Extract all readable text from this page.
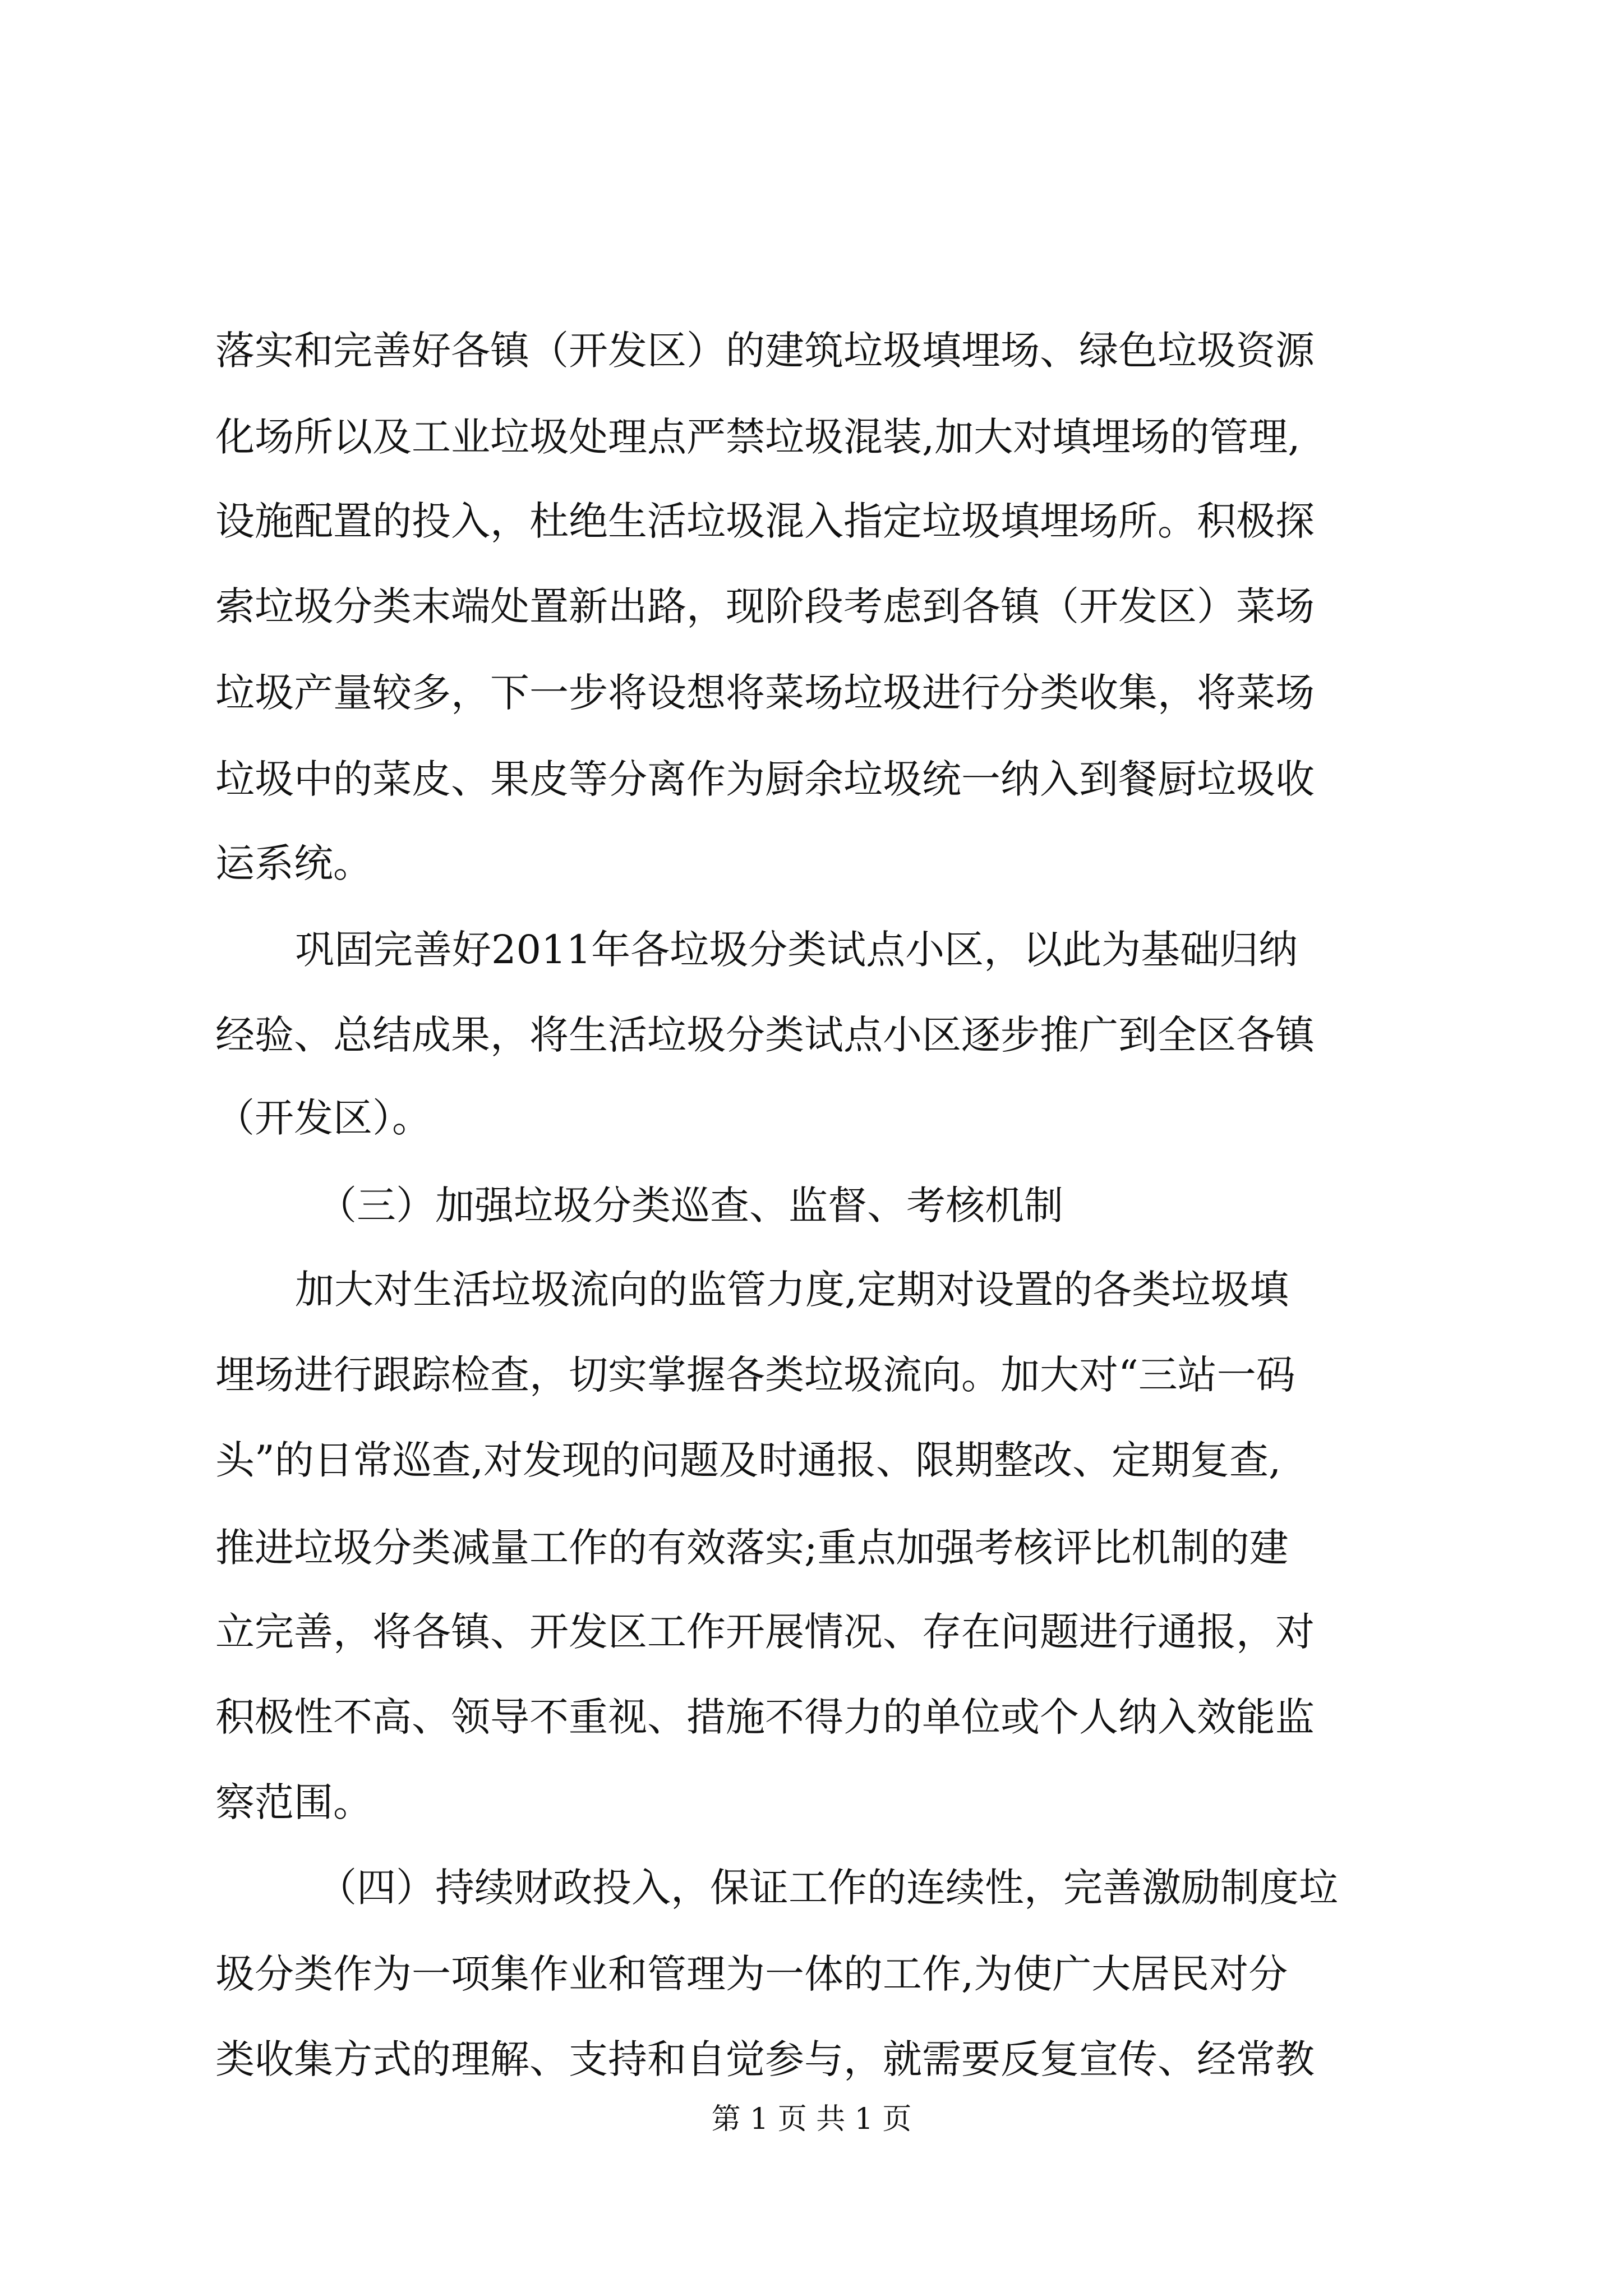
落实和完善好各镇（开发区）的建筑垃圾填埋场、绿色垃圾资源
化场所以及工业垃圾处理点严禁垃圾混装,加大对填埋场的管理,
设施配置的投入，杜绝生活垃圾混入指定垃圾填埋场所。积极探
索垃圾分类末端处置新出路，现阶段考虑到各镇（开发区）菜场
垃圾产量较多，下一步将设想将菜场垃圾进行分类收集，将菜场
垃圾中的菜皮、果皮等分离作为厨余垃圾统一纳入到餐厨垃圾收
运系统。
巩固完善好2011年各垃圾分类试点小区，以此为基础归纳
经验、总结成果，将生活垃圾分类试点小区逐步推广到全区各镇
（开发区）。
（三）加强垃圾分类巡查、监督、考核机制
加大对生活垃圾流向的监管力度,定期对设置的各类垃圾填
埋场进行跟踪检查，切实掌握各类垃圾流向。加大对“三站一码
头”的日常巡查,对发现的问题及时通报、限期整改、定期复查,
推进垃圾分类减量工作的有效落实;重点加强考核评比机制的建
立完善，将各镇、开发区工作开展情况、存在问题进行通报，对
积极性不高、领导不重视、措施不得力的单位或个人纳入效能监
察范围。
（四）持续财政投入，保证工作的连续性，完善激励制度垃
圾分类作为一项集作业和管理为一体的工作,为使广大居民对分
类收集方式的理解、支持和自觉参与，就需要反复宣传、经常教
第 1 页 共 1 页
